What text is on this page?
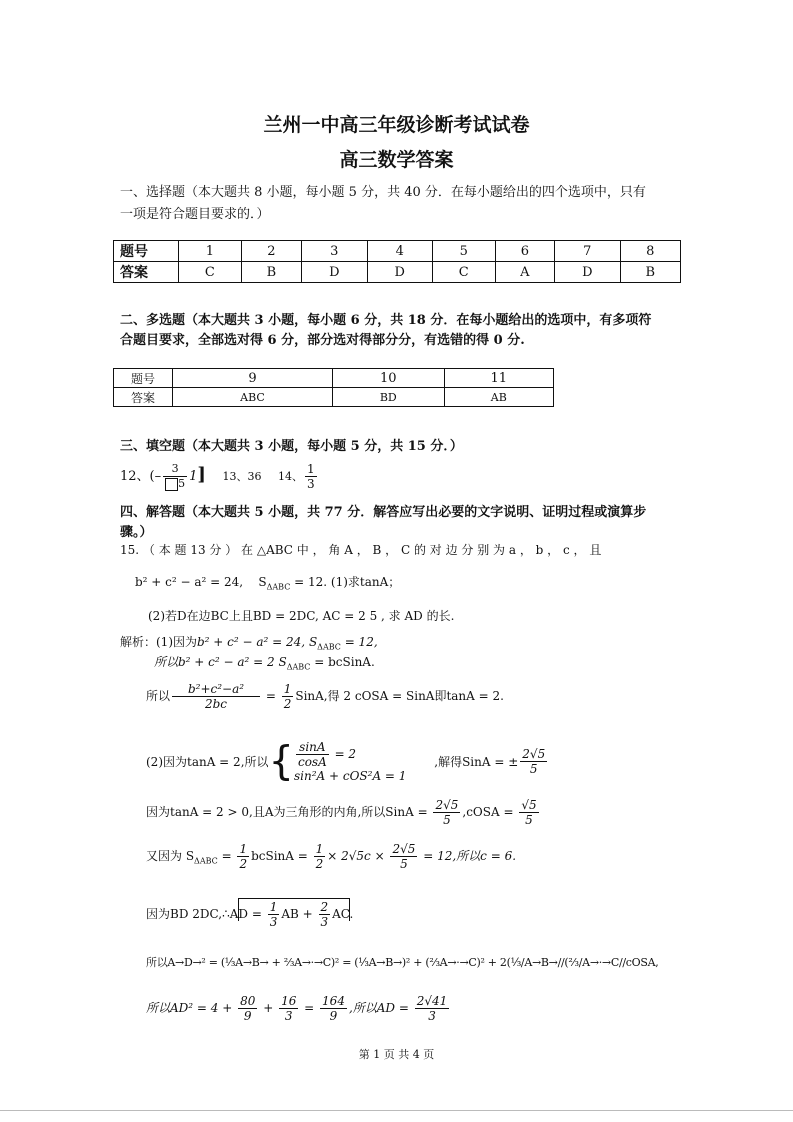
兰州一中高三年级诊断考试试卷
高三数学答案
一、选择题（本大题共 8 小题，每小题 5 分，共 40 分．在每小题给出的四个选项中，只有
一项是符合题目要求的．）
题号	1	2	3	4	5	6	7	8
答案	C	B	D	D	C	A	D	B
二、多选题（本大题共 3 小题，每小题 6 分，共 18 分．在每小题给出的选项中，有多项符
合题目要求，全部选对得 6 分，部分选对得部分分，有选错的得 0 分.
题号	9	10	11
答案	ABC	BD	AB
三、填空题（本大题共 3 小题，每小题 5 分，共 15 分．）
12、(– $\frac{3}{5} 1$] 13、36 14、 $\frac{1}{3}$
四、解答题（本大题共 5 小题，共 77 分．解答应写出必要的文字说明、证明过程或演算步
骤。）
15. （ 本 题 13 分 ） 在 △ABC 中 ， 角 A ， B ， C 的 对 边 分 别 为 a ， b ， c ， 且
b² + c² − a² = 24, $S_{\Delta ABC} = 12$. (1)求tanA；
(2)若D在边BC上且BD = 2DC, AC = 2 5 , 求 AD 的长.
解析：(1)因为b² + c² − a² = 24, $S_{\Delta ABC} = 12$,
所以b² + c² − a² = 2 $S_{\Delta ABC}$ = bcSinA.
所以 $\frac{\text{b²+c²−a²}}{2bc} = \frac{1}{2}$ SinA,得 2 cOSA = SinA即tanA = 2.
(2)因为tanA = 2,所以{ $\frac{\sin A}{\cos A} = 2$
sin²A + cOS²A = 1
,解得SinA = ± $\frac{2√5}{5}$
因为tanA = 2 > 0,且A为三角形的内角,所以SinA = $\frac{2√5}{5}$ ,cOSA = $\frac{√5}{5}$
又因为 $S_{\Delta ABC} = \frac{1}{2}$ bcSinA = $\frac{1}{2} \times 2√5c \times \frac{2√5}{5} = 12$,所以c = 6.
因为BD 2DC,∴AD = $\frac{1}{3}$ AB + $\frac{2}{3}$ AC.
所以A→D→² = (⅓A→B→ + ⅔A→·→C)² = (⅓A→B→)² + (⅔A→·→C)² + 2(⅓/A→B→//(⅔/A→·→C//cOSA,
所以$AD^2 = 4 + \frac{80}{9} + \frac{16}{3} = \frac{164}{9}$ ,所以AD = $\frac{2√41}{3}$
第 1 页 共 4 页
